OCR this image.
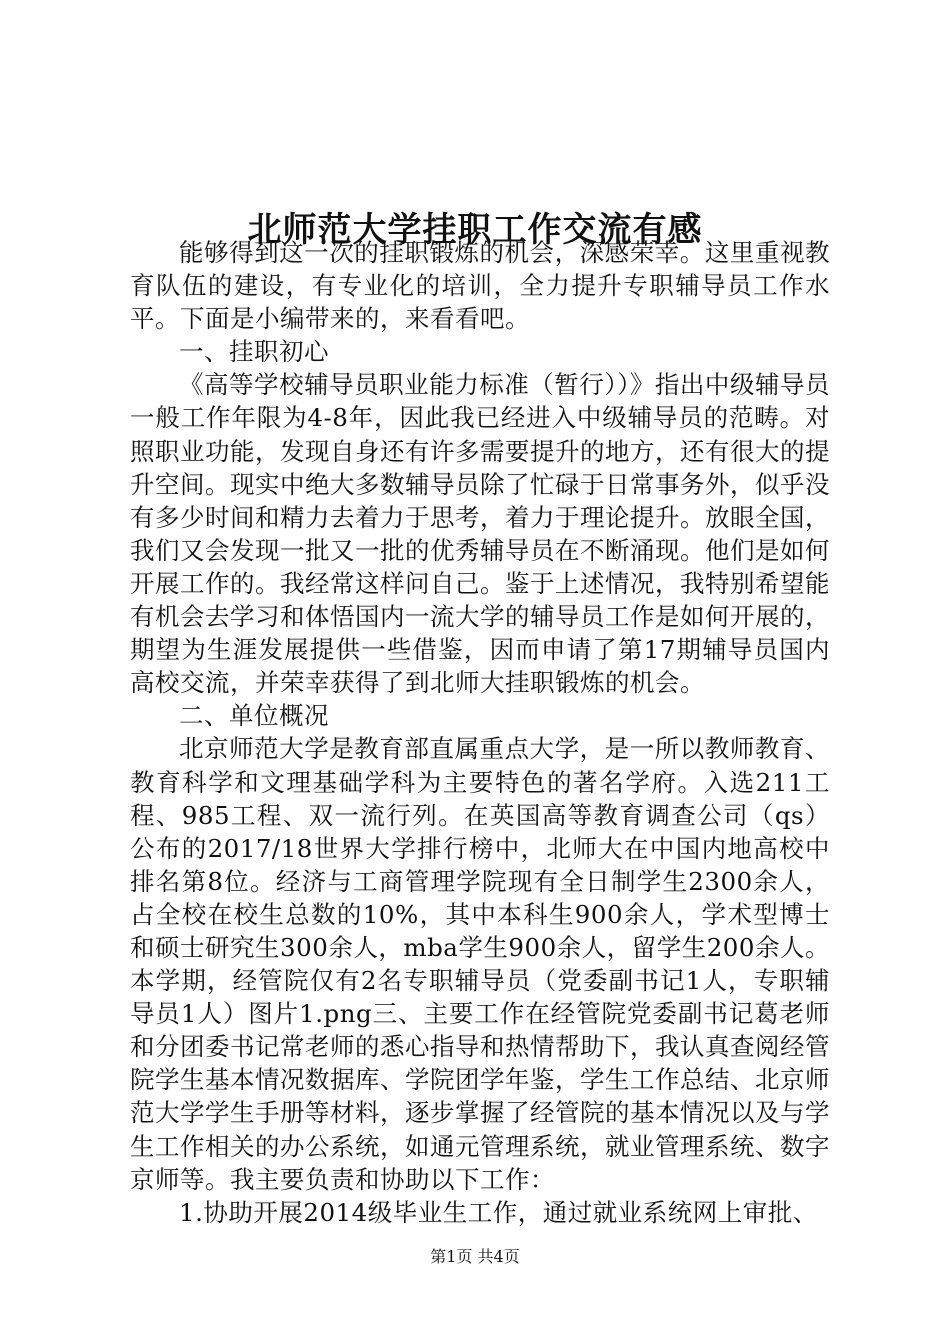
北师范大学挂职工作交流有感

能够得到这一次的挂职锻炼的机会，深感荣幸。这里重视教育队伍的建设，有专业化的培训，全力提升专职辅导员工作水平。下面是小编带来的，来看看吧。

一、挂职初心

《高等学校辅导员职业能力标准（暂行））》指出中级辅导员一般工作年限为4-8年，因此我已经进入中级辅导员的范畴。对照职业功能，发现自身还有许多需要提升的地方，还有很大的提升空间。现实中绝大多数辅导员除了忙碌于日常事务外，似乎没有多少时间和精力去着力于思考，着力于理论提升。放眼全国，我们又会发现一批又一批的优秀辅导员在不断涌现。他们是如何开展工作的。我经常这样问自己。鉴于上述情况，我特别希望能有机会去学习和体悟国内一流大学的辅导员工作是如何开展的，期望为生涯发展提供一些借鉴，因而申请了第17期辅导员国内高校交流，并荣幸获得了到北师大挂职锻炼的机会。

二、单位概况

北京师范大学是教育部直属重点大学，是一所以教师教育、教育科学和文理基础学科为主要特色的著名学府。入选211工程、985工程、双一流行列。在英国高等教育调查公司（qs）公布的2017/18世界大学排行榜中，北师大在中国内地高校中排名第8位。经济与工商管理学院现有全日制学生2300余人，占全校在校生总数的10%，其中本科生900余人，学术型博士和硕士研究生300余人，mba学生900余人，留学生200余人。本学期，经管院仅有2名专职辅导员（党委副书记1人，专职辅导员1人）图片1.png三、主要工作在经管院党委副书记葛老师和分团委书记常老师的悉心指导和热情帮助下，我认真查阅经管院学生基本情况数据库、学院团学年鉴，学生工作总结、北京师范大学学生手册等材料，逐步掌握了经管院的基本情况以及与学生工作相关的办公系统，如通元管理系统，就业管理系统、数字京师等。我主要负责和协助以下工作：

1.协助开展2014级毕业生工作，通过就业系统网上审批、

第1页 共4页
